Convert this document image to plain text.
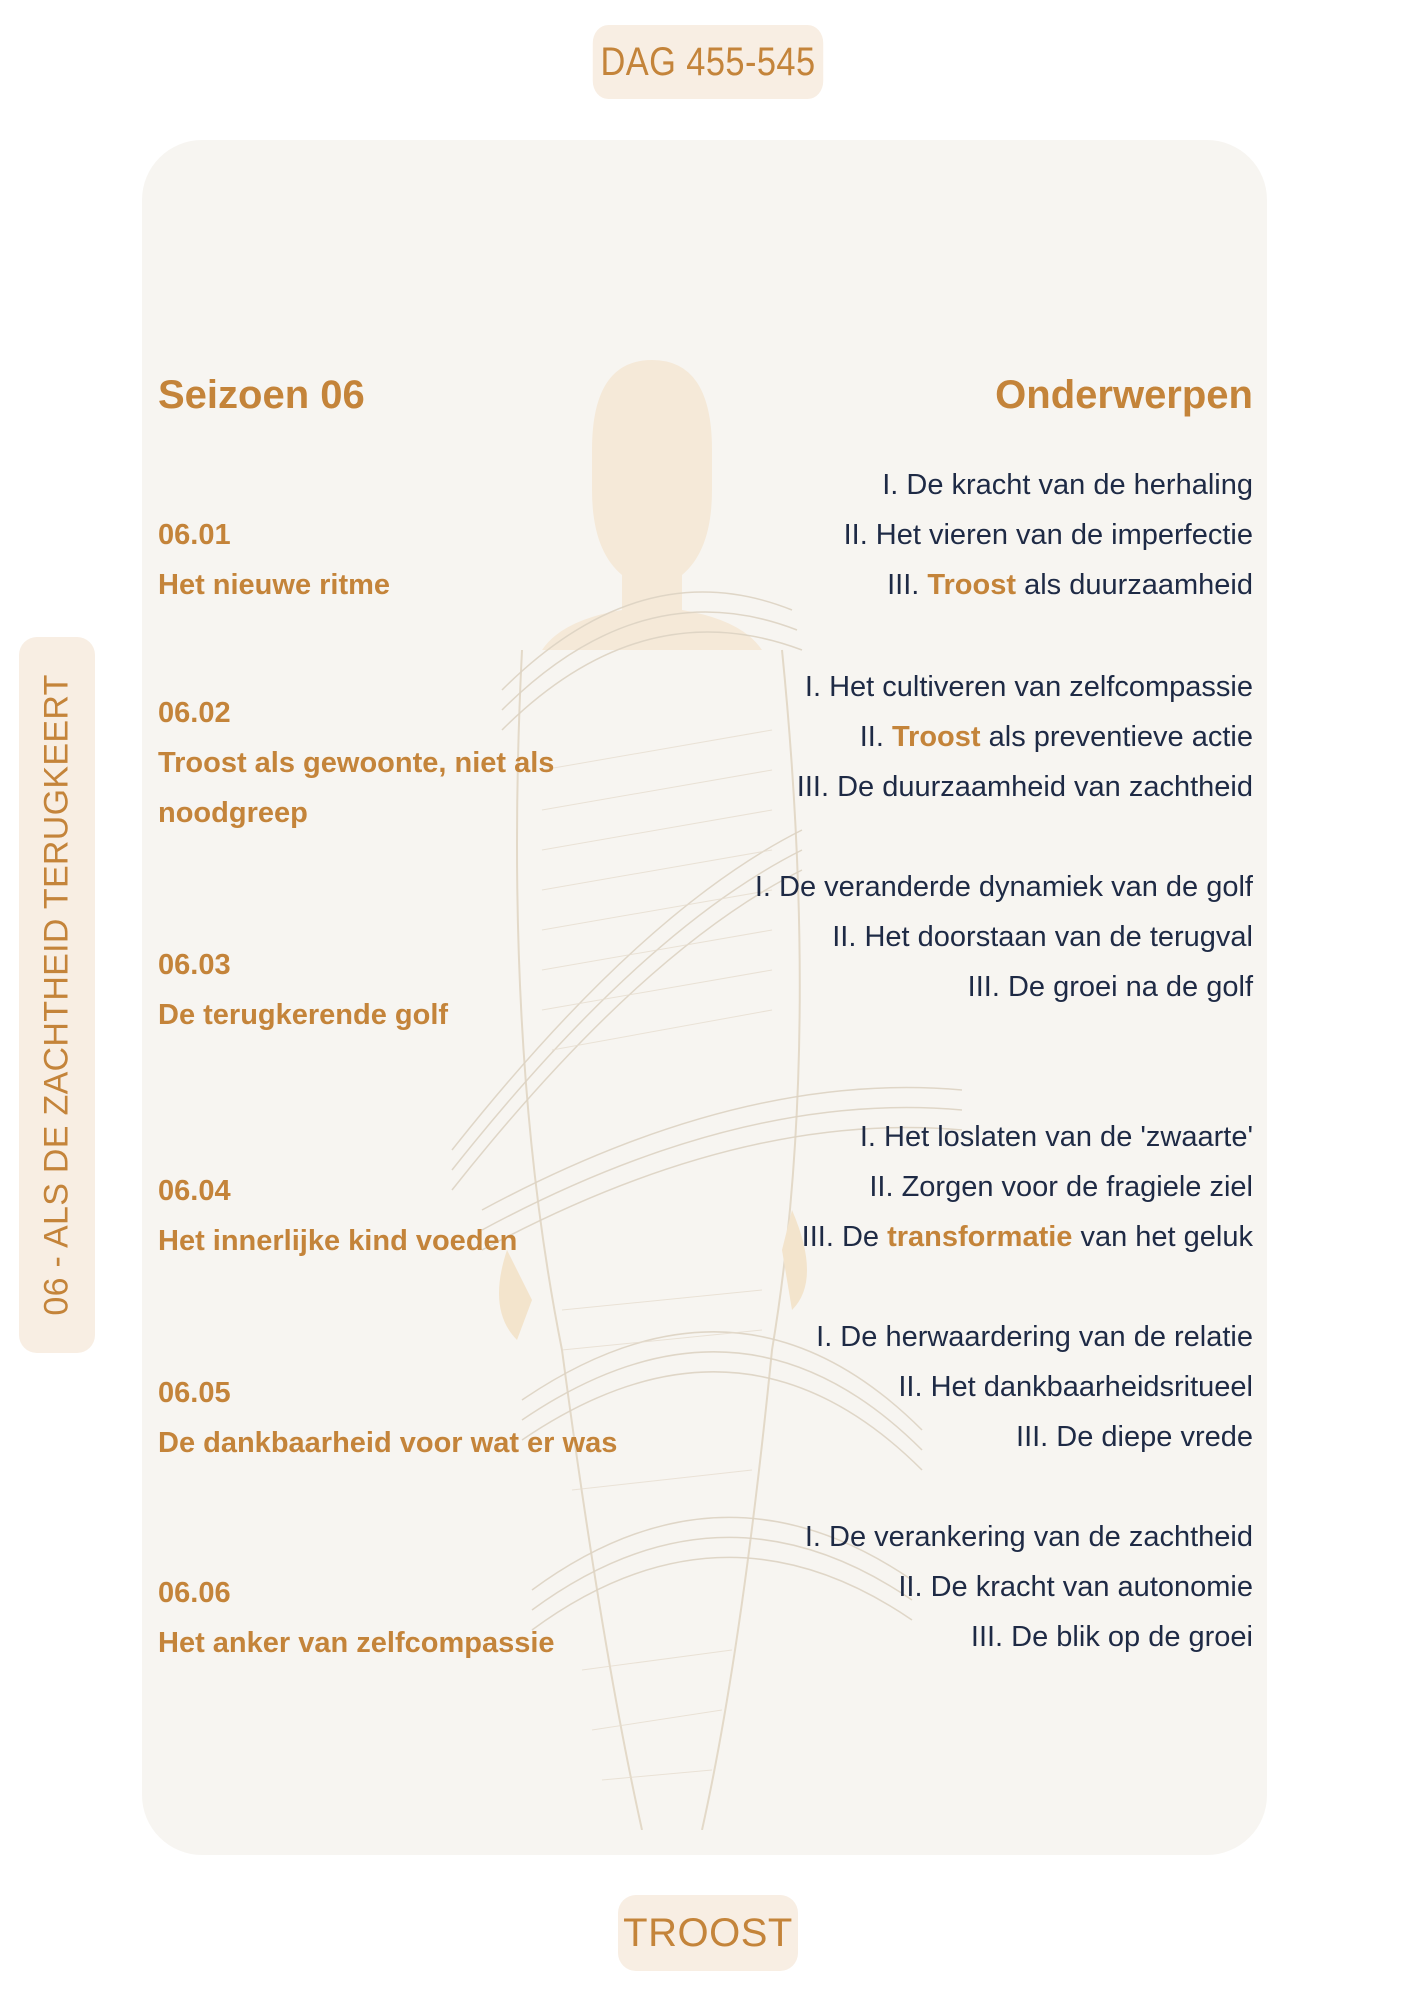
DAG 455-545
06 - ALS DE ZACHTHEID TERUGKEERT
Seizoen 06
06.01
Het nieuwe ritme
06.02
Troost als gewoonte, niet als noodgreep
06.03
De terugkerende golf
06.04
Het innerlijke kind voeden
06.05
De dankbaarheid voor wat er was
06.06
Het anker van zelfcompassie
Onderwerpen
I. De kracht van de herhaling
II. Het vieren van de imperfectie
III. Troost als duurzaamheid
I. Het cultiveren van zelfcompassie
II. Troost als preventieve actie
III. De duurzaamheid van zachtheid
I. De veranderde dynamiek van de golf
II. Het doorstaan van de terugval
III. De groei na de golf
I. Het loslaten van de 'zwaarte'
II. Zorgen voor de fragiele ziel
III. De transformatie van het geluk
I. De herwaardering van de relatie
II. Het dankbaarheidsritueel
III. De diepe vrede
I. De verankering van de zachtheid
II. De kracht van autonomie
III. De blik op de groei
TROOST
